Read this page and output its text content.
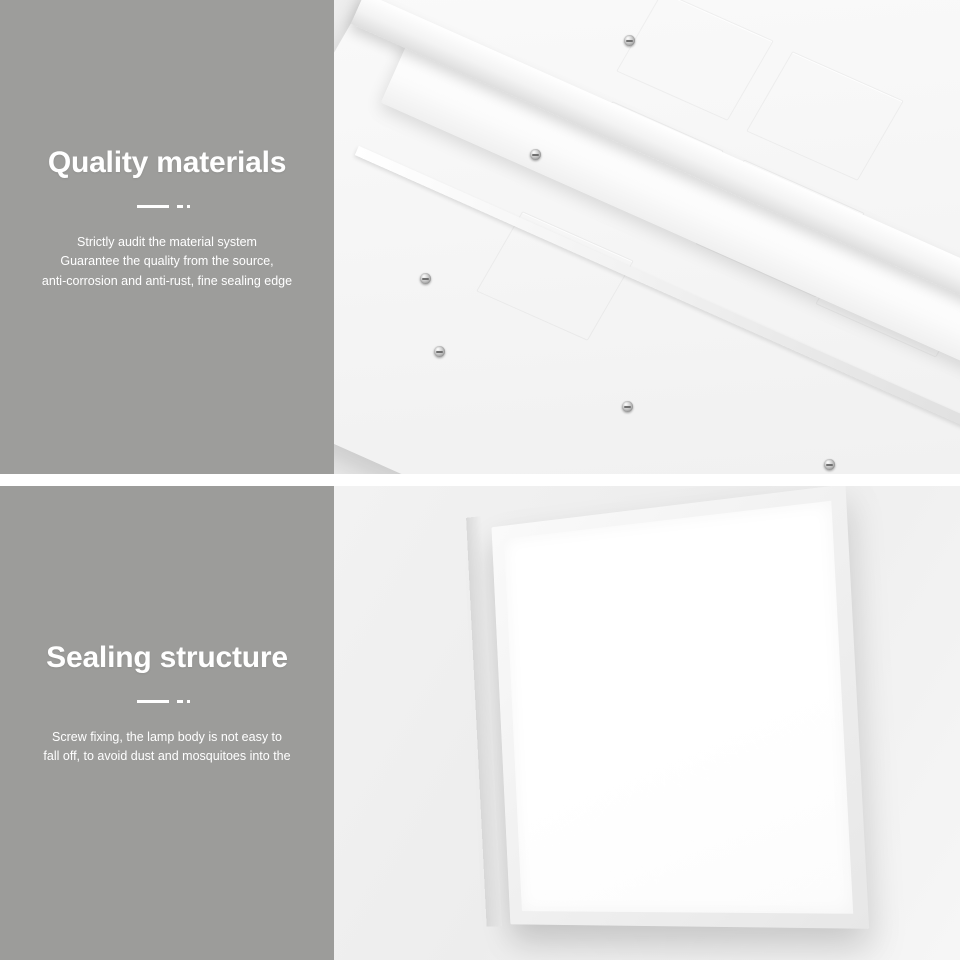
Quality materials
Strictly audit the material system
Guarantee the quality from the source,
anti-corrosion and anti-rust, fine sealing edge
Sealing structure
Screw fixing, the lamp body is not easy to
fall off, to avoid dust and mosquitoes into the
